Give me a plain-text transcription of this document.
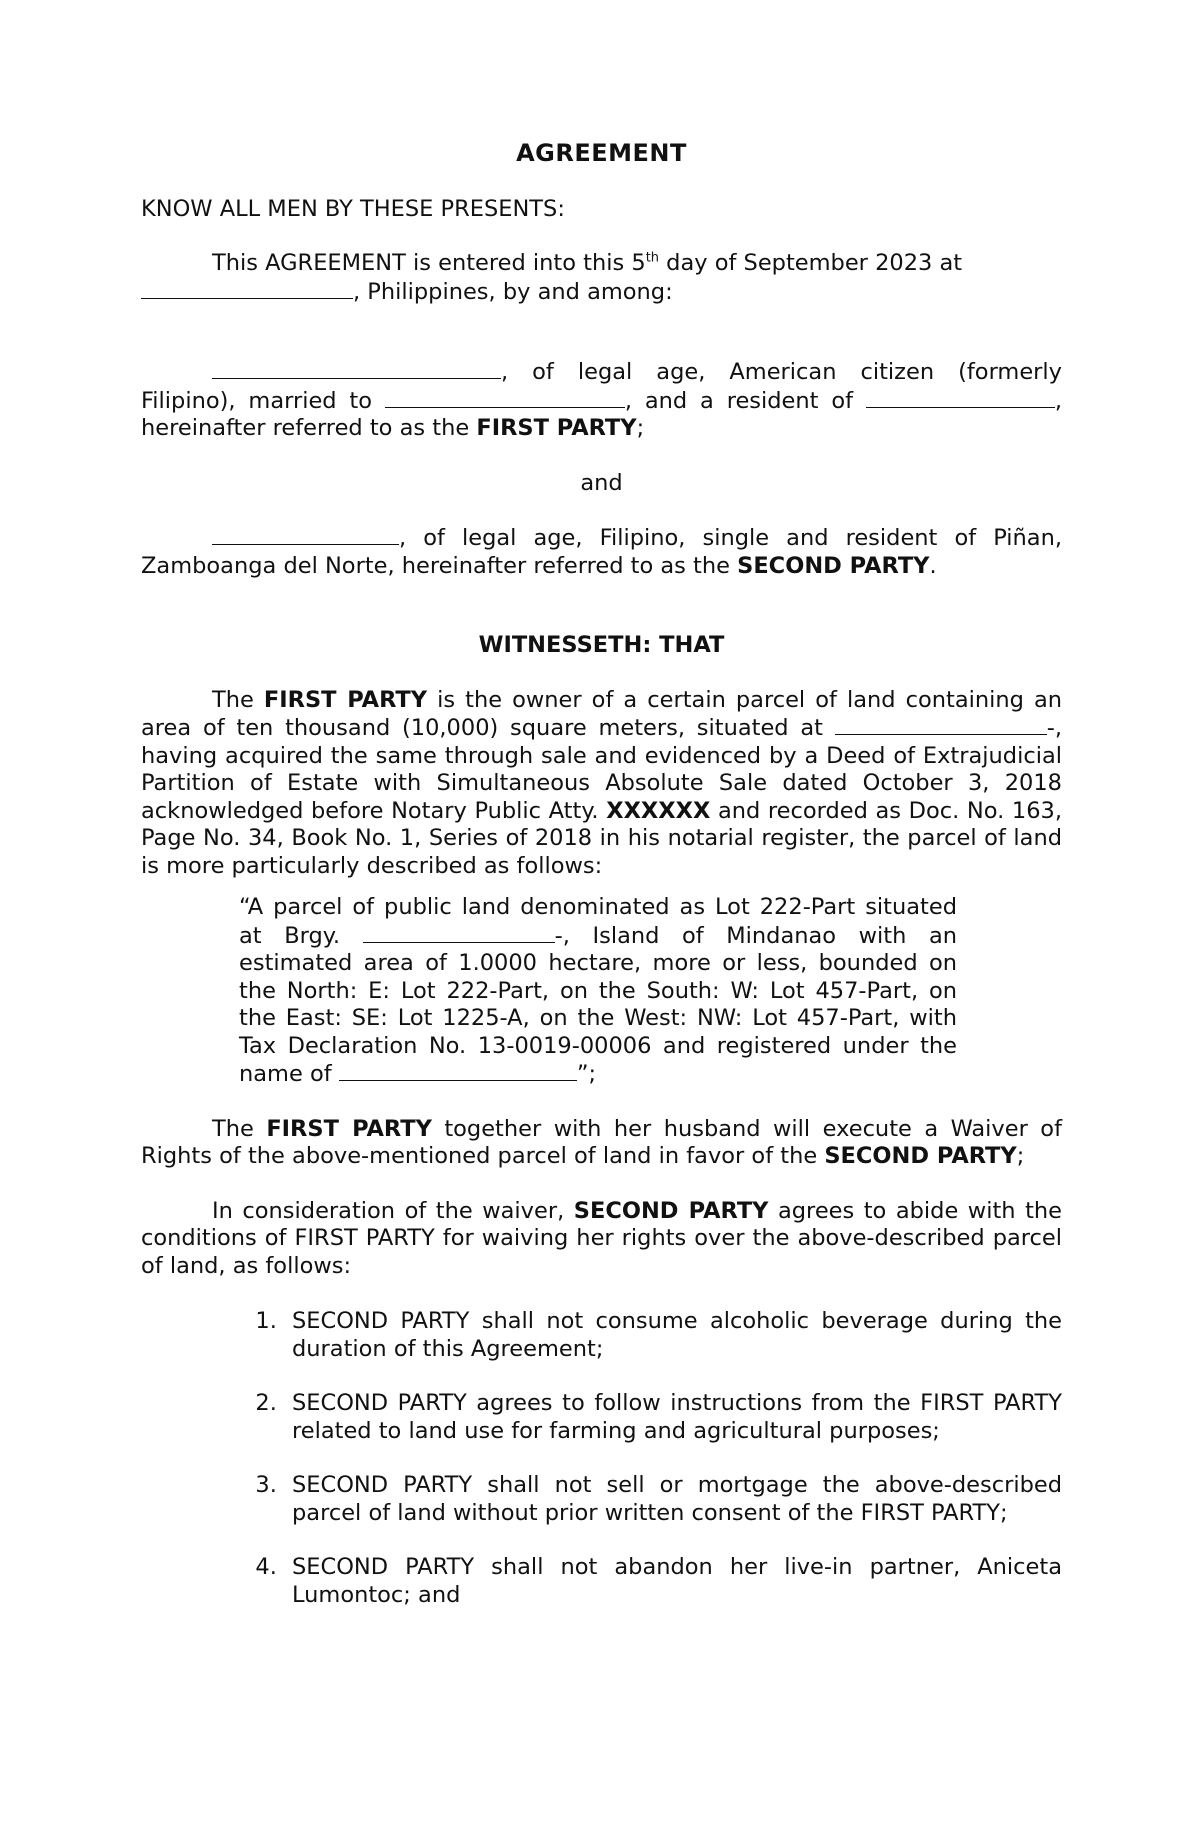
AGREEMENT

KNOW ALL MEN BY THESE PRESENTS:

This AGREEMENT is entered into this 5th day of September 2023 at
, Philippines, by and among:

, of legal age, American citizen (formerly Filipino), married to	, and a resident of	, hereinafter referred to as the FIRST PARTY;

and

, of legal age, Filipino, single and resident of Piñan, Zamboanga del Norte, hereinafter referred to as the SECOND PARTY.

WITNESSETH: THAT

The FIRST PARTY is the owner of a certain parcel of land containing an area of ten thousand (10,000) square meters, situated at	-, having acquired the same through sale and evidenced by a Deed of Extrajudicial Partition of Estate with Simultaneous Absolute Sale dated October 3, 2018 acknowledged before Notary Public Atty. XXXXXX and recorded as Doc. No. 163, Page No. 34, Book No. 1, Series of 2018 in his notarial register, the parcel of land is more particularly described as follows:

“A parcel of public land denominated as Lot 222-Part situated at Brgy.	-, Island of Mindanao with an estimated area of 1.0000 hectare, more or less, bounded on the North: E: Lot 222-Part, on the South: W: Lot 457-Part, on the East: SE: Lot 1225-A, on the West: NW: Lot 457-Part, with Tax Declaration No. 13-0019-00006 and registered under the name of	”;

The FIRST PARTY together with her husband will execute a Waiver of Rights of the above-mentioned parcel of land in favor of the SECOND PARTY;

In consideration of the waiver, SECOND PARTY agrees to abide with the conditions of FIRST PARTY for waiving her rights over the above-described parcel of land, as follows:

1. SECOND PARTY shall not consume alcoholic beverage during the duration of this Agreement;
2. SECOND PARTY agrees to follow instructions from the FIRST PARTY related to land use for farming and agricultural purposes;
3. SECOND PARTY shall not sell or mortgage the above-described parcel of land without prior written consent of the FIRST PARTY;
4. SECOND PARTY shall not abandon her live-in partner, Aniceta Lumontoc; and
